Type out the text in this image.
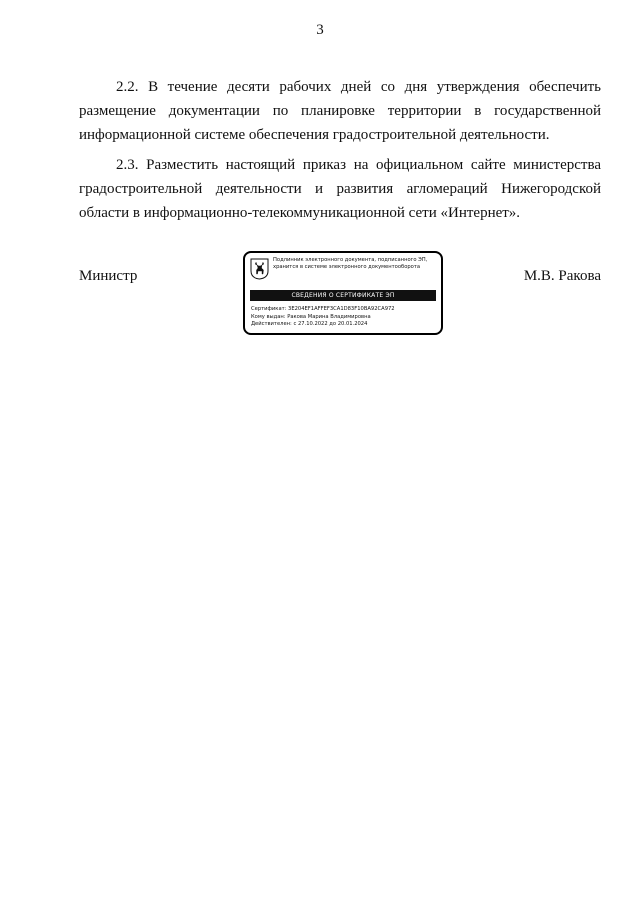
3

2.2. В течение десяти рабочих дней со дня утверждения обеспечить размещение документации по планировке территории в государственной информационной системе обеспечения градостроительной деятельности.

2.3. Разместить настоящий приказ на официальном сайте министерства градостроительной деятельности и развития агломераций Нижегородской области в информационно-телекоммуникационной сети «Интернет».

Министр
Подлинник электронного документа, подписанного ЭП, хранится в системе электронного документооборота
СВЕДЕНИЯ О СЕРТИФИКАТЕ ЭП
Сертификат: 3E204EF1AFFEF3CA1D83F10BA92CA972
Кому выдан: Ракова Марина Владимировна
Действителен: с 27.10.2022 до 20.01.2024
М.В. Ракова
